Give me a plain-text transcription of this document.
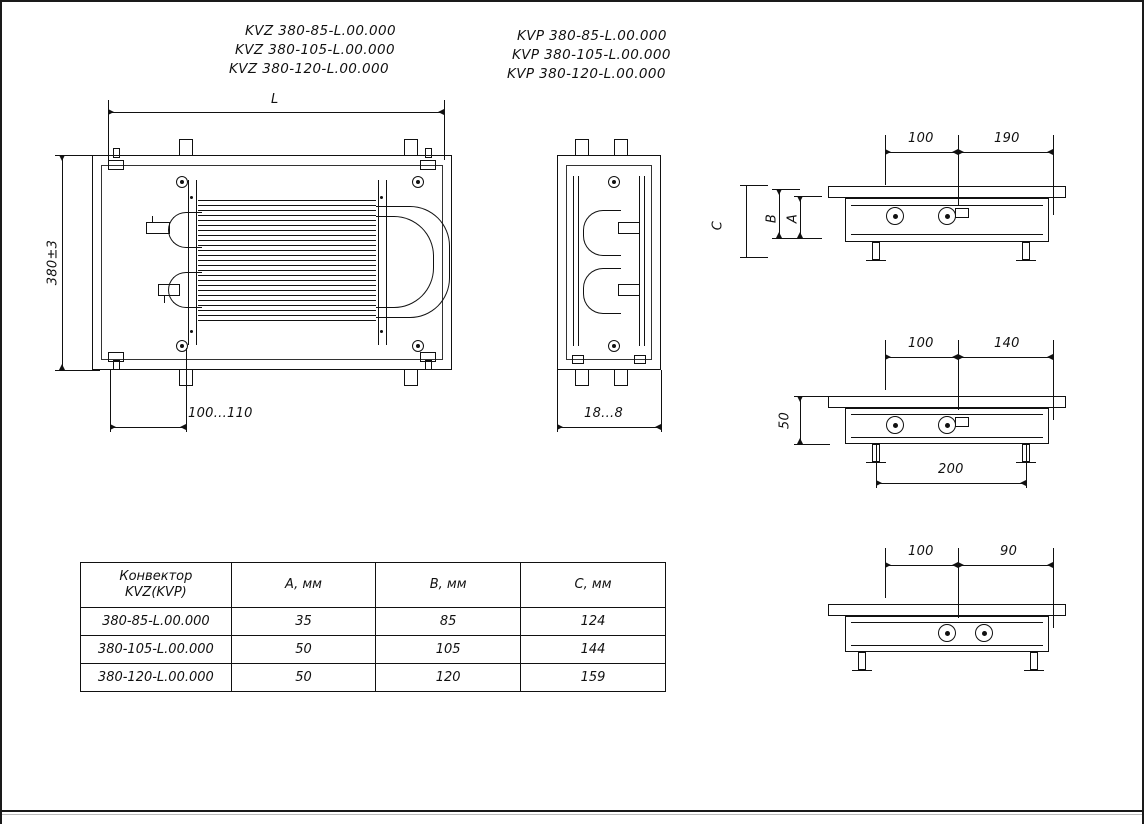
KVZ 380-85-L.00.000
KVZ 380-105-L.00.000
KVZ 380-120-L.00.000
KVP 380-85-L.00.000
KVP 380-105-L.00.000
KVP 380-120-L.00.000
L
380±3
100...110	18...8
100	190
A
B
C
100	140
50
200
100	90
Конвектор
KVZ(KVP)	A, мм	B, мм	C, мм
380-85-L.00.000	35	85	124
380-105-L.00.000	50	105	144
380-120-L.00.000	50	120	159
